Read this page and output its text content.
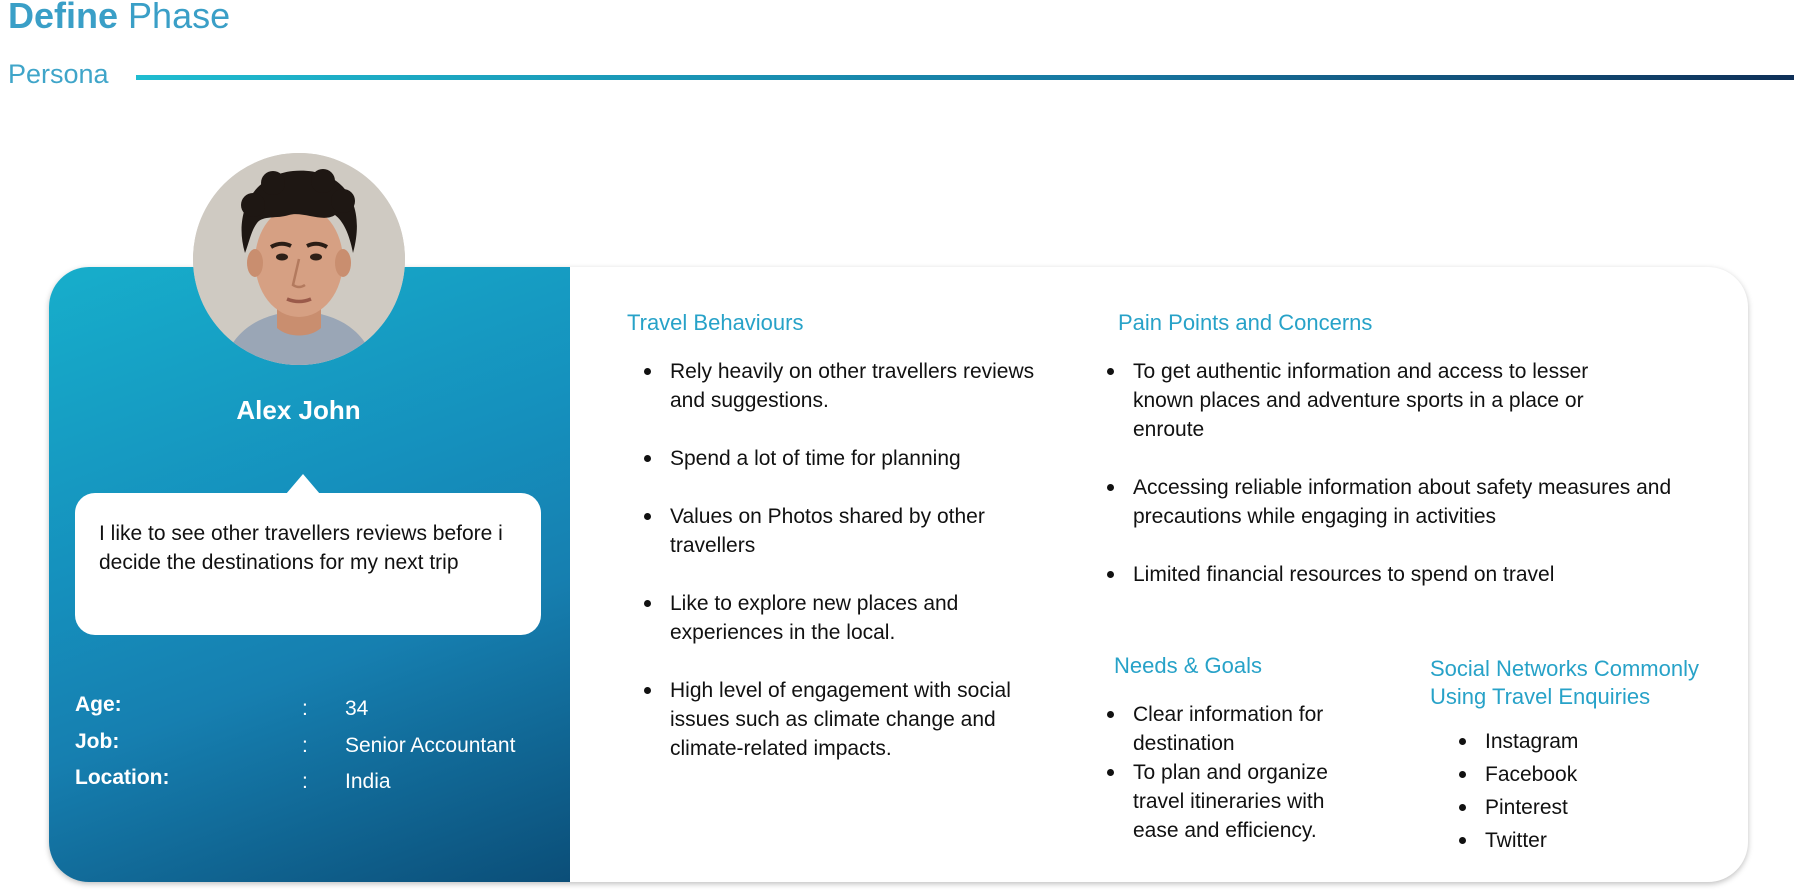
Define Phase
Persona
Travel Behaviours
Rely heavily on other travellers reviews and suggestions.
Spend a lot of time for planning
Values on Photos shared by other travellers
Like to explore new places and experiences in the local.
High level of engagement with social issues such as climate change and climate-related impacts.
Pain Points and Concerns
To get authentic information and access to lesser known places and adventure sports in a place or enroute
Accessing reliable information about safety measures and precautions while engaging in activities
Limited financial resources to spend on travel
Needs & Goals
Clear information for destination
To plan and organize travel itineraries with ease and efficiency.
Social Networks Commonly Using Travel Enquiries
Instagram
Facebook
Pinterest
Twitter
Alex John
I like to see other travellers reviews before i decide the destinations for my next trip
Age:	: 34
Job:	: Senior Accountant
Location:	: India
